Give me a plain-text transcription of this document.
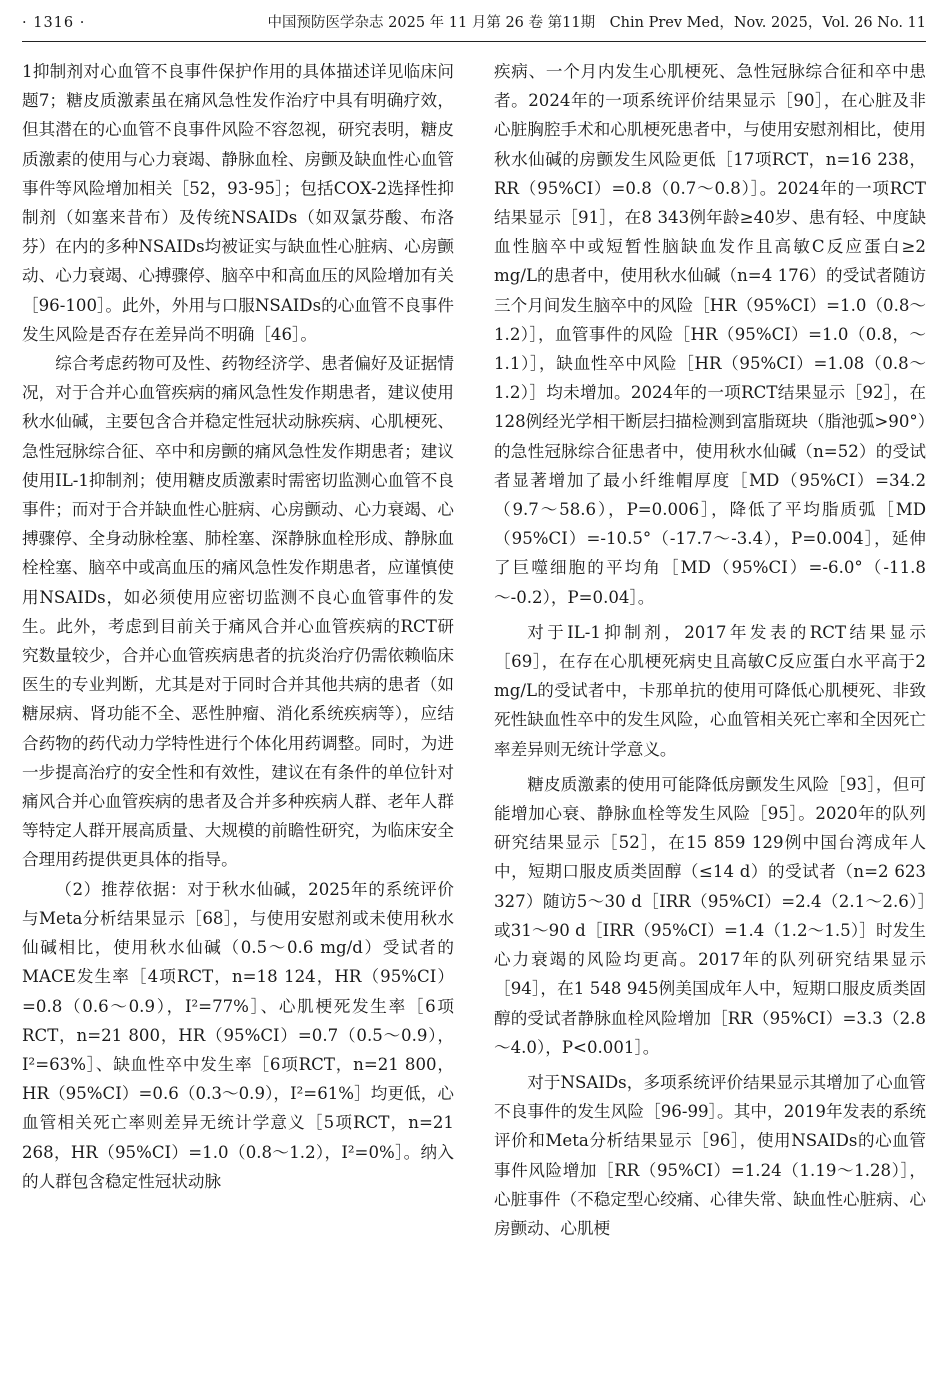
· 1316 ·	中国预防医学杂志 2025 年 11 月第 26 卷 第11期　Chin Prev Med，Nov. 2025，Vol. 26 No. 11

1抑制剂对心血管不良事件保护作用的具体描述详见临床问题7；糖皮质激素虽在痛风急性发作治疗中具有明确疗效，但其潜在的心血管不良事件风险不容忽视，研究表明，糖皮质激素的使用与心力衰竭、静脉血栓、房颤及缺血性心血管事件等风险增加相关［52，93-95］；包括COX-2选择性抑制剂（如塞来昔布）及传统NSAIDs（如双氯芬酸、布洛芬）在内的多种NSAIDs均被证实与缺血性心脏病、心房颤动、心力衰竭、心搏骤停、脑卒中和高血压的风险增加有关［96-100］。此外，外用与口服NSAIDs的心血管不良事件发生风险是否存在差异尚不明确［46］。

综合考虑药物可及性、药物经济学、患者偏好及证据情况，对于合并心血管疾病的痛风急性发作期患者，建议使用秋水仙碱，主要包含合并稳定性冠状动脉疾病、心肌梗死、急性冠脉综合征、卒中和房颤的痛风急性发作期患者；建议使用IL-1抑制剂；使用糖皮质激素时需密切监测心血管不良事件；而对于合并缺血性心脏病、心房颤动、心力衰竭、心搏骤停、全身动脉栓塞、肺栓塞、深静脉血栓形成、静脉血栓栓塞、脑卒中或高血压的痛风急性发作期患者，应谨慎使用NSAIDs，如必须使用应密切监测不良心血管事件的发生。此外，考虑到目前关于痛风合并心血管疾病的RCT研究数量较少，合并心血管疾病患者的抗炎治疗仍需依赖临床医生的专业判断，尤其是对于同时合并其他共病的患者（如糖尿病、肾功能不全、恶性肿瘤、消化系统疾病等），应结合药物的药代动力学特性进行个体化用药调整。同时，为进一步提高治疗的安全性和有效性，建议在有条件的单位针对痛风合并心血管疾病的患者及合并多种疾病人群、老年人群等特定人群开展高质量、大规模的前瞻性研究，为临床安全合理用药提供更具体的指导。

（2）推荐依据：对于秋水仙碱，2025年的系统评价与Meta分析结果显示［68］，与使用安慰剂或未使用秋水仙碱相比，使用秋水仙碱（0.5～0.6 mg/d）受试者的MACE发生率［4项RCT，n=18 124，HR（95%CI）=0.8（0.6～0.9），I²=77%］、心肌梗死发生率［6项RCT，n=21 800，HR（95%CI）=0.7（0.5～0.9），I²=63%］、缺血性卒中发生率［6项RCT，n=21 800，HR（95%CI）=0.6（0.3～0.9），I²=61%］均更低，心血管相关死亡率则差异无统计学意义［5项RCT，n=21 268，HR（95%CI）=1.0（0.8～1.2），I²=0%］。纳入的人群包含稳定性冠状动脉

疾病、一个月内发生心肌梗死、急性冠脉综合征和卒中患者。2024年的一项系统评价结果显示［90］，在心脏及非心脏胸腔手术和心肌梗死患者中，与使用安慰剂相比，使用秋水仙碱的房颤发生风险更低［17项RCT，n=16 238，RR（95%CI）=0.8（0.7～0.8）］。2024年的一项RCT结果显示［91］，在8 343例年龄≥40岁、患有轻、中度缺血性脑卒中或短暂性脑缺血发作且高敏C反应蛋白≥2 mg/L的患者中，使用秋水仙碱（n=4 176）的受试者随访三个月间发生脑卒中的风险［HR（95%CI）=1.0（0.8～1.2）］，血管事件的风险［HR（95%CI）=1.0（0.8，～1.1）］，缺血性卒中风险［HR（95%CI）=1.08（0.8～1.2）］均未增加。2024年的一项RCT结果显示［92］，在128例经光学相干断层扫描检测到富脂斑块（脂池弧>90°）的急性冠脉综合征患者中，使用秋水仙碱（n=52）的受试者显著增加了最小纤维帽厚度［MD（95%CI）=34.2（9.7～58.6），P=0.006］，降低了平均脂质弧［MD（95%CI）=-10.5°（-17.7～-3.4），P=0.004］，延伸了巨噬细胞的平均角［MD（95%CI）=-6.0°（-11.8～-0.2），P=0.04］。

对于IL-1抑制剂，2017年发表的RCT结果显示［69］，在存在心肌梗死病史且高敏C反应蛋白水平高于2 mg/L的受试者中，卡那单抗的使用可降低心肌梗死、非致死性缺血性卒中的发生风险，心血管相关死亡率和全因死亡率差异则无统计学意义。

糖皮质激素的使用可能降低房颤发生风险［93］，但可能增加心衰、静脉血栓等发生风险［95］。2020年的队列研究结果显示［52］，在15 859 129例中国台湾成年人中，短期口服皮质类固醇（≤14 d）的受试者（n=2 623 327）随访5～30 d［IRR（95%CI）=2.4（2.1～2.6）］或31～90 d［IRR（95%CI）=1.4（1.2～1.5）］时发生心力衰竭的风险均更高。2017年的队列研究结果显示［94］，在1 548 945例美国成年人中，短期口服皮质类固醇的受试者静脉血栓风险增加［RR（95%CI）=3.3（2.8～4.0），P<0.001］。

对于NSAIDs，多项系统评价结果显示其增加了心血管不良事件的发生风险［96-99］。其中，2019年发表的系统评价和Meta分析结果显示［96］，使用NSAIDs的心血管事件风险增加［RR（95%CI）=1.24（1.19～1.28）］，心脏事件（不稳定型心绞痛、心律失常、缺血性心脏病、心房颤动、心肌梗
